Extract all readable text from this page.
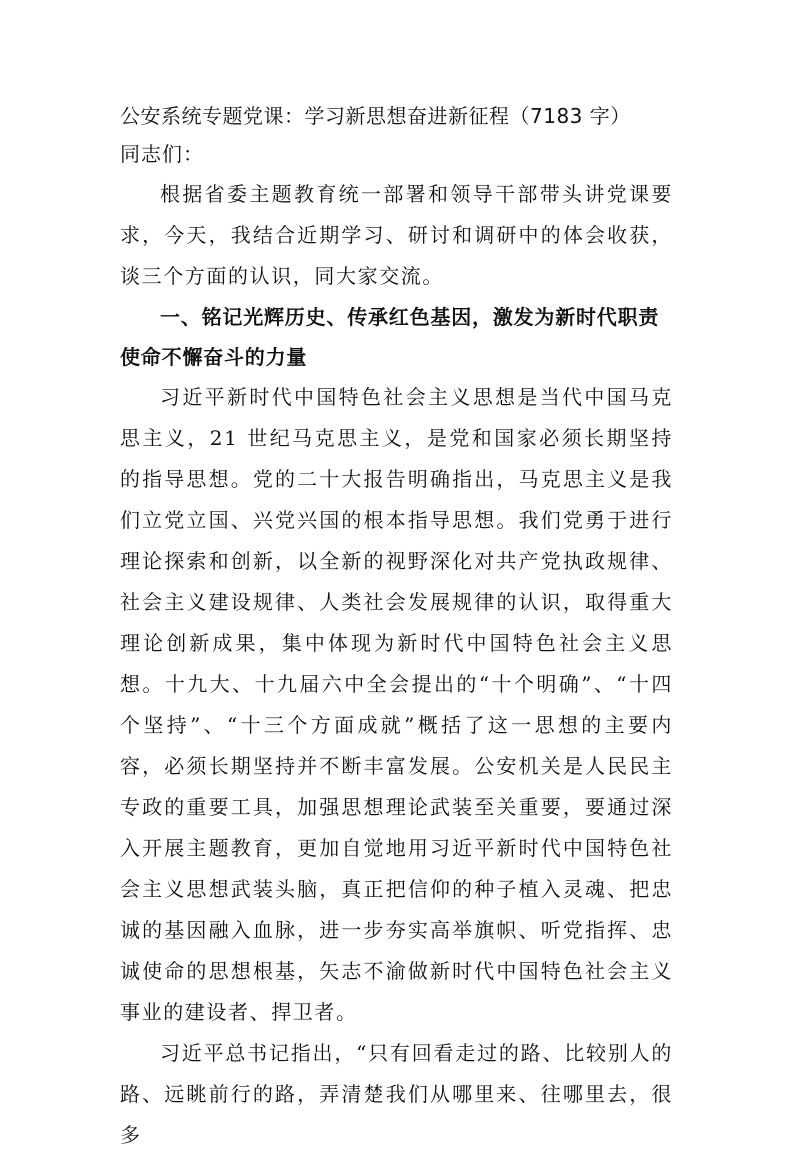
公安系统专题党课：学习新思想奋进新征程（7183 字）

同志们：

根据省委主题教育统一部署和领导干部带头讲党课要求，今天，我结合近期学习、研讨和调研中的体会收获，谈三个方面的认识，同大家交流。

一、铭记光辉历史、传承红色基因，激发为新时代职责使命不懈奋斗的力量

习近平新时代中国特色社会主义思想是当代中国马克思主义，21 世纪马克思主义，是党和国家必须长期坚持的指导思想。党的二十大报告明确指出，马克思主义是我们立党立国、兴党兴国的根本指导思想。我们党勇于进行理论探索和创新，以全新的视野深化对共产党执政规律、社会主义建设规律、人类社会发展规律的认识，取得重大理论创新成果，集中体现为新时代中国特色社会主义思想。十九大、十九届六中全会提出的“十个明确”、“十四个坚持”、“十三个方面成就”概括了这一思想的主要内容，必须长期坚持并不断丰富发展。公安机关是人民民主专政的重要工具，加强思想理论武装至关重要，要通过深入开展主题教育，更加自觉地用习近平新时代中国特色社会主义思想武装头脑，真正把信仰的种子植入灵魂、把忠诚的基因融入血脉，进一步夯实高举旗帜、听党指挥、忠诚使命的思想根基，矢志不渝做新时代中国特色社会主义事业的建设者、捍卫者。

习近平总书记指出，“只有回看走过的路、比较别人的路、远眺前行的路，弄清楚我们从哪里来、往哪里去，很多
